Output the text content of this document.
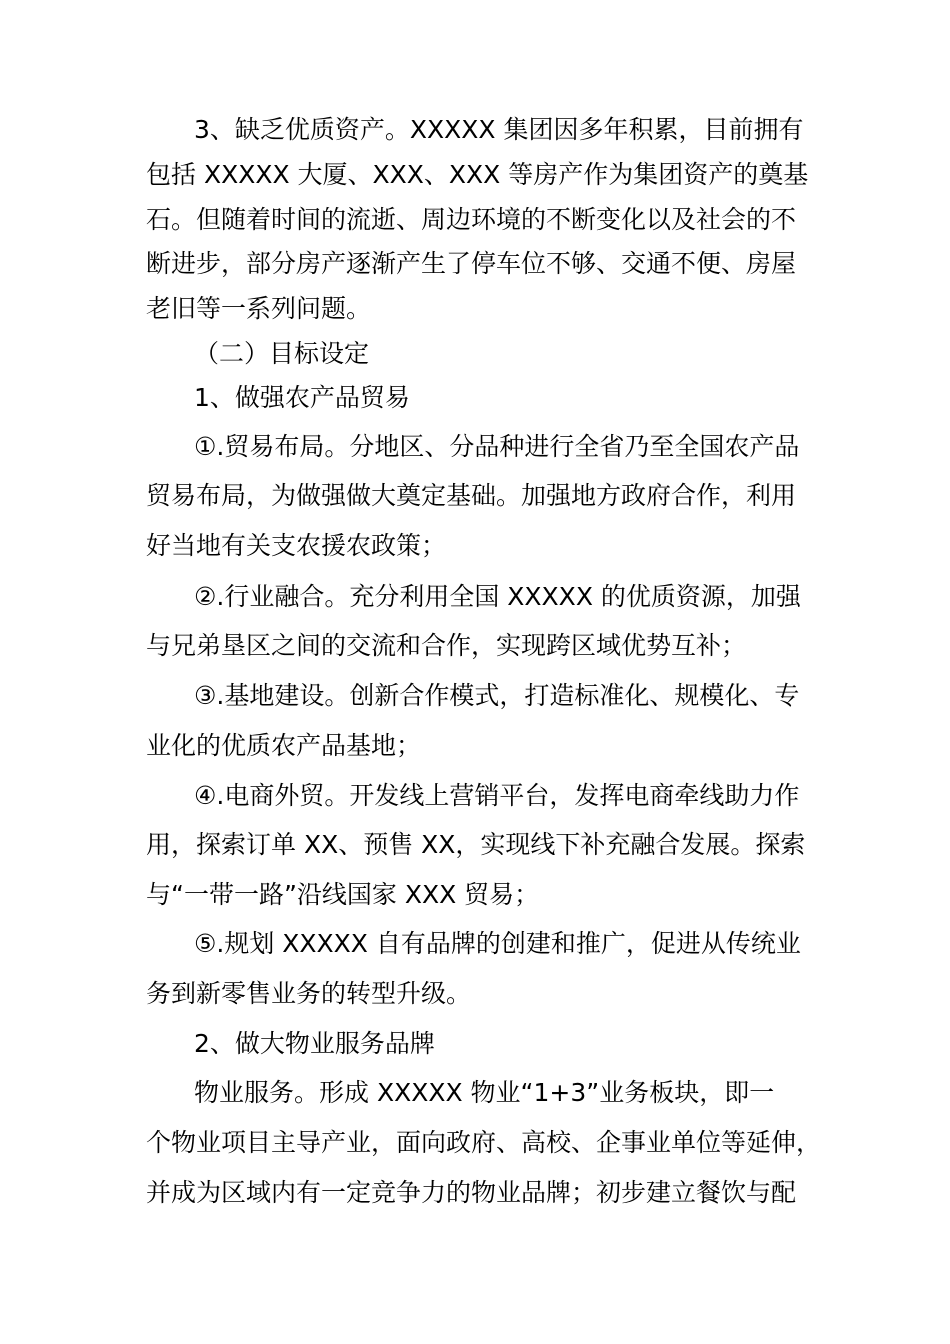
3、缺乏优质资产。XXXXX 集团因多年积累，目前拥有
包括 XXXXX 大厦、XXX、XXX 等房产作为集团资产的奠基
石。但随着时间的流逝、周边环境的不断变化以及社会的不
断进步，部分房产逐渐产生了停车位不够、交通不便、房屋
老旧等一系列问题。
（二）目标设定
1、做强农产品贸易
①.贸易布局。分地区、分品种进行全省乃至全国农产品
贸易布局，为做强做大奠定基础。加强地方政府合作，利用
好当地有关支农援农政策；
②.行业融合。充分利用全国 XXXXX 的优质资源，加强
与兄弟垦区之间的交流和合作，实现跨区域优势互补；
③.基地建设。创新合作模式，打造标准化、规模化、专
业化的优质农产品基地；
④.电商外贸。开发线上营销平台，发挥电商牵线助力作
用，探索订单 XX、预售 XX，实现线下补充融合发展。探索
与“一带一路”沿线国家 XXX 贸易；
⑤.规划 XXXXX 自有品牌的创建和推广，促进从传统业
务到新零售业务的转型升级。
2、做大物业服务品牌
物业服务。形成 XXXXX 物业“1+3”业务板块，即一
个物业项目主导产业，面向政府、高校、企事业单位等延伸，
并成为区域内有一定竞争力的物业品牌；初步建立餐饮与配
